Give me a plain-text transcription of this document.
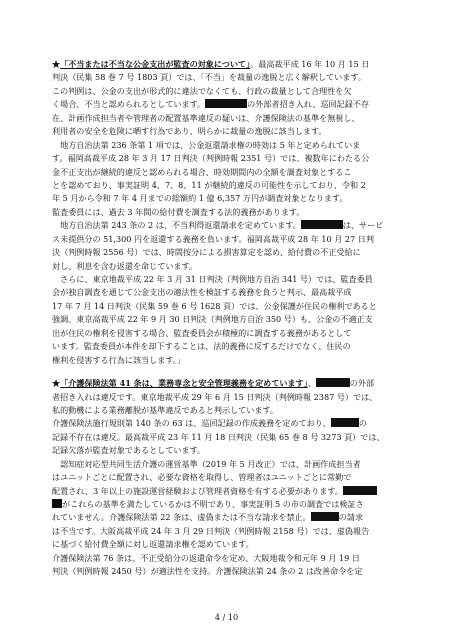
★「不当または不当な公金支出が監査の対象について」。最高裁平成 16 年 10 月 15 日

判決（民集 58 巻 7 号 1803 頁）では、「不当」を裁量の逸脱と広く解釈しています。

この判例は、公金の支出が形式的に違法でなくても、行政の裁量として合理性を欠

く場合、不当と認められるとしています。	の外部者招き入れ、巡回記録不存

在、計画作成担当者や管理者の配置基準違反の疑いは、介護保険法の基準を無視し、

利用者の安全を危険に晒す行為であり、明らかに裁量の逸脱に該当します。

　地方自治法第 236 条第 1 項では、公金返還請求権の時効は 5 年と定められていま

す。福岡高裁平成 28 年 3 月 17 日判決（判例時報 2351 号）では、複数年にわたる公

金不正支出が継続的違反と認められる場合、時効期間内の全額を調査対象とするこ

とを認めており、事実証明 4、7、8、11 が継続的違反の可能性を示しており、令和 2

年 5 月から令和 7 年 4 月までの総額約 1 億 6,357 万円が調査対象となります。

監査委員には、過去 3 年間の給付費を調査する法的義務があります。

　地方自治法第 243 条の 2 は、不当利得返還請求を定めています。	は、サービ

ス未提供分の 51,300 円を返還する義務を負います。福岡高裁平成 28 年 10 月 27 日判

決（判例時報 2556 号）では、時間按分による損害算定を認め、給付費の不正受給に

対し、利息を含む返還を命じています。

　さらに、東京地裁平成 22 年 3 月 31 日判決（判例地方自治 341 号）では、監査委員

会が独自調査を通じて公金支出の適法性を検証する義務を負うと判示、最高裁平成

17 年 7 月 14 日判決（民集 59 巻 6 号 1628 頁）では、公金保護が住民の権利であると

強調、東京高裁平成 22 年 9 月 30 日判決（判例地方自治 350 号）も、公金の不適正支

出が住民の権利を侵害する場合、監査委員会が積極的に調査する義務があるとして

います。監査委員が本件を却下することは、法的義務に反するだけでなく、住民の

権利を侵害する行為に該当します。」

★「介護保険法第 41 条は、業務専念と安全管理義務を定めています」、	の外部

者招き入れは違反です。東京地裁平成 29 年 6 月 15 日判決（判例時報 2387 号）では、

私的動機による業務離脱が基準違反であると判示しています。

介護保険法施行規則第 140 条の 63 は、巡回記録の作成義務を定めており、	の

記録不存在は違反。最高裁平成 23 年 11 月 18 日判決（民集 65 巻 8 号 3273 頁）では、

記録欠落が監査対象であるとしています。

　認知症対応型共同生活介護の運営基準（2019 年 5 月改正）では、計画作成担当者

はユニットごとに配置され、必要な資格を取得し、管理者はユニットごとに常勤で

配置され、3 年以上の施設運営経験および管理者資格を有する必要があります。

がこれらの基準を満たしているかは不明であり、事実証明 5 の市の調査では検証さ

れていません。介護保険法第 22 条は、虚偽または不当な請求を禁止。	の請求

は不当です。大阪高裁平成 24 年 3 月 29 日判決（判例時報 2158 号）では、虚偽報告

に基づく給付費全額に対し返還請求権を認めています。

介護保険法第 76 条は、不正受給分の返還命令を定め、大阪地裁令和元年 9 月 19 日

判決（判例時報 2450 号）が適法性を支持。介護保険法第 24 条の 2 は改善命令を定

4 / 10
